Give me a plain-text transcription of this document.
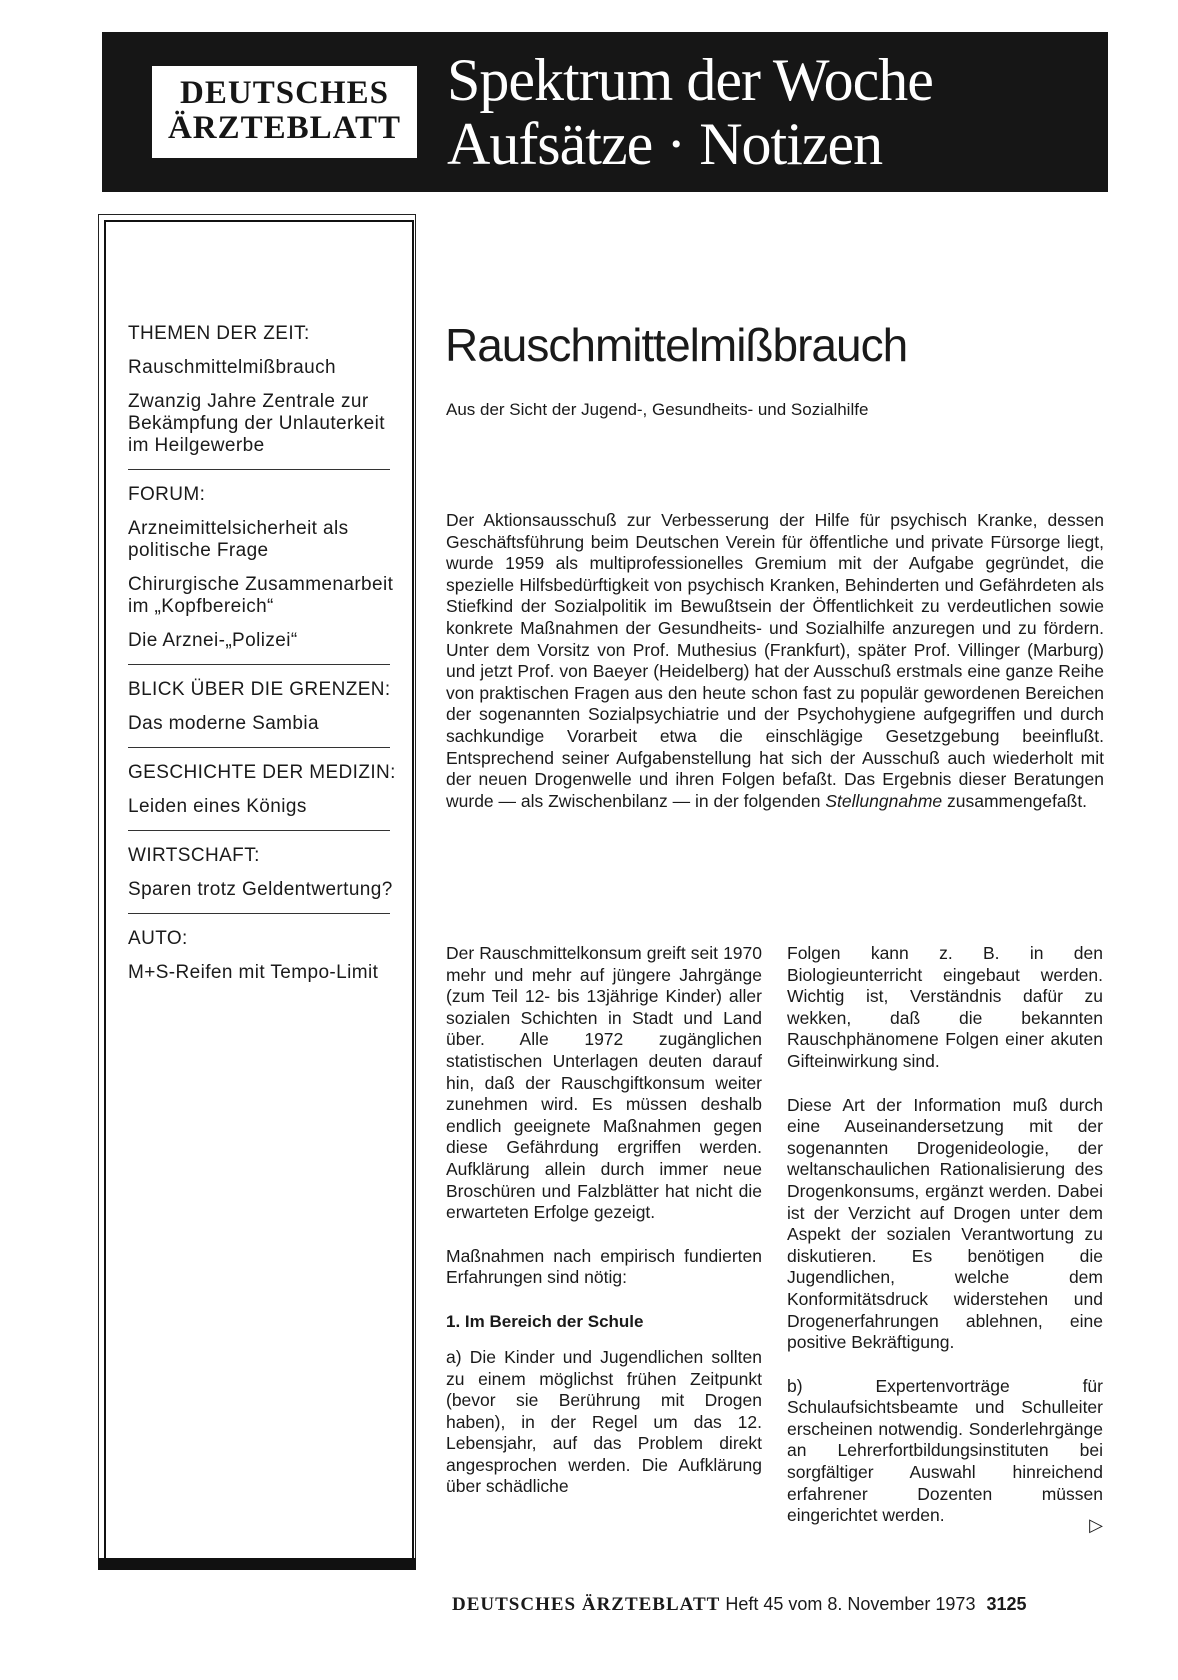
DEUTSCHES
ÄRZTEBLATT
Spektrum der Woche
Aufsätze · Notizen
THEMEN DER ZEIT:
Rauschmittelmißbrauch
Zwanzig Jahre Zentrale zur Bekämpfung der Unlauterkeit im Heilgewerbe
FORUM:
Arzneimittelsicherheit als politische Frage
Chirurgische Zusammenarbeit im „Kopfbereich“
Die Arznei-„Polizei“
BLICK ÜBER DIE GRENZEN:
Das moderne Sambia
GESCHICHTE DER MEDIZIN:
Leiden eines Königs
WIRTSCHAFT:
Sparen trotz Geldentwertung?
AUTO:
M+S-Reifen mit Tempo-Limit
Rauschmittelmißbrauch
Aus der Sicht der Jugend-, Gesundheits- und Sozialhilfe
Der Aktionsausschuß zur Verbesserung der Hilfe für psychisch Kranke, dessen Geschäftsführung beim Deutschen Verein für öffentliche und private Fürsorge liegt, wurde 1959 als multiprofessionelles Gremium mit der Aufgabe gegründet, die spezielle Hilfsbedürftigkeit von psychisch Kranken, Behinderten und Gefährdeten als Stiefkind der Sozialpolitik im Bewußtsein der Öffentlichkeit zu verdeutlichen sowie konkrete Maßnahmen der Gesundheits- und Sozialhilfe anzuregen und zu fördern. Unter dem Vorsitz von Prof. Muthesius (Frankfurt), später Prof. Villinger (Marburg) und jetzt Prof. von Baeyer (Heidelberg) hat der Ausschuß erstmals eine ganze Reihe von praktischen Fragen aus den heute schon fast zu populär gewordenen Bereichen der sogenannten Sozialpsychiatrie und der Psychohygiene aufgegriffen und durch sachkundige Vorarbeit etwa die einschlägige Gesetzgebung beeinflußt. Entsprechend seiner Aufgabenstellung hat sich der Ausschuß auch wiederholt mit der neuen Drogenwelle und ihren Folgen befaßt. Das Ergebnis dieser Beratungen wurde — als Zwischenbilanz — in der folgenden Stellungnahme zusammengefaßt.

Der Rauschmittelkonsum greift seit 1970 mehr und mehr auf jüngere Jahrgänge (zum Teil 12- bis 13jährige Kinder) aller sozialen Schichten in Stadt und Land über. Alle 1972 zugänglichen statistischen Unterlagen deuten darauf hin, daß der Rauschgiftkonsum weiter zunehmen wird. Es müssen deshalb endlich geeignete Maßnahmen gegen diese Gefährdung ergriffen werden. Aufklärung allein durch immer neue Broschüren und Falzblätter hat nicht die erwarteten Erfolge gezeigt.

Maßnahmen nach empirisch fundierten Erfahrungen sind nötig:

1. Im Bereich der Schule

a) Die Kinder und Jugendlichen sollten zu einem möglichst frühen Zeitpunkt (bevor sie Berührung mit Drogen haben), in der Regel um das 12. Lebensjahr, auf das Problem direkt angesprochen werden. Die Aufklärung über schädliche

Folgen kann z. B. in den Biologieunterricht eingebaut werden. Wichtig ist, Verständnis dafür zu wekken, daß die bekannten Rauschphänomene Folgen einer akuten Gifteinwirkung sind.

Diese Art der Information muß durch eine Auseinandersetzung mit der sogenannten Drogenideologie, der weltanschaulichen Rationalisierung des Drogenkonsums, ergänzt werden. Dabei ist der Verzicht auf Drogen unter dem Aspekt der sozialen Verantwortung zu diskutieren. Es benötigen die Jugendlichen, welche dem Konformitätsdruck widerstehen und Drogenerfahrungen ablehnen, eine positive Bekräftigung.

b) Expertenvorträge für Schulaufsichtsbeamte und Schulleiter erscheinen notwendig. Sonderlehrgänge an Lehrerfortbildungsinstituten bei sorgfältiger Auswahl hinreichend erfahrener Dozenten müssen eingerichtet werden.	▷
DEUTSCHES ÄRZTEBLATT Heft 45 vom 8. November 1973 3125
